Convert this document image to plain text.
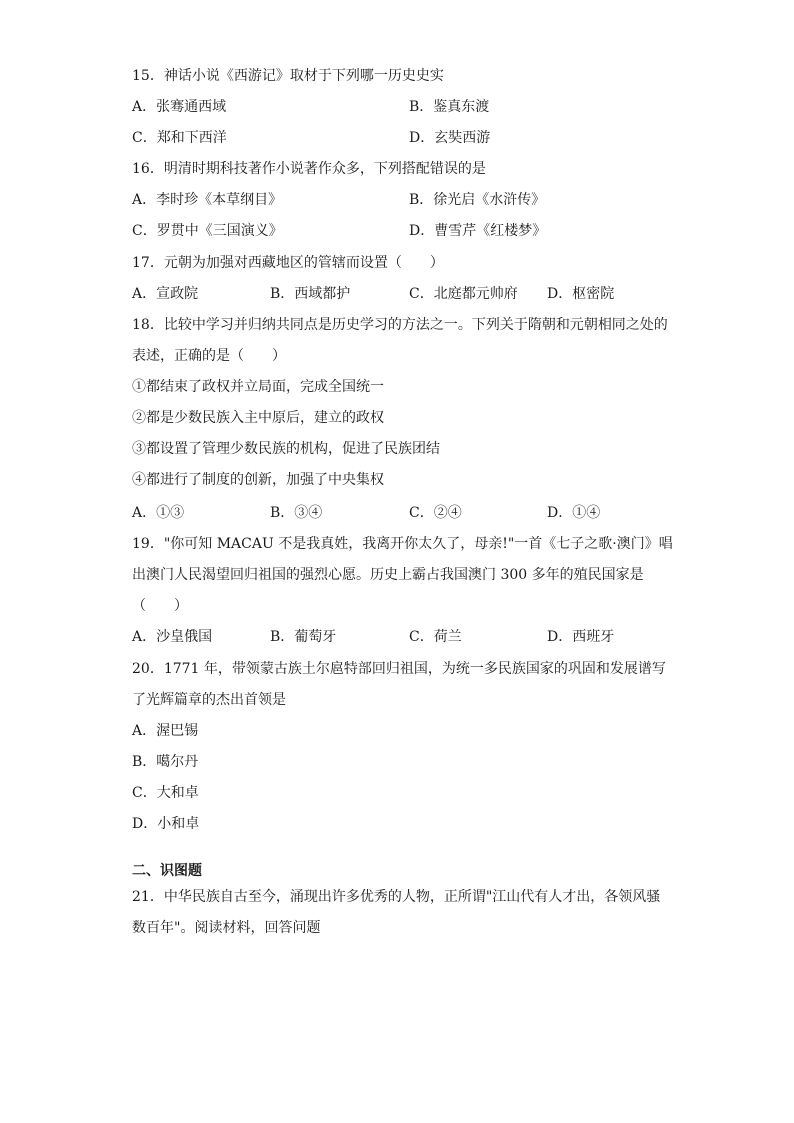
15．神话小说《西游记》取材于下列哪一历史史实
A．张骞通西域	B．鉴真东渡
C．郑和下西洋	D．玄奘西游
16．明清时期科技著作小说著作众多，下列搭配错误的是
A．李时珍《本草纲目》	B．徐光启《水浒传》
C．罗贯中《三国演义》	D．曹雪芹《红楼梦》
17．元朝为加强对西藏地区的管辖而设置（　　）
A．宣政院	B．西域都护	C．北庭都元帅府 D．枢密院
18．比较中学习并归纳共同点是历史学习的方法之一。下列关于隋朝和元朝相同之处的
表述，正确的是（　　）
①都结束了政权并立局面，完成全国统一
②都是少数民族入主中原后，建立的政权
③都设置了管理少数民族的机构，促进了民族团结
④都进行了制度的创新，加强了中央集权
A．①③	B．③④	C．②④	D．①④
19．"你可知 MACAU 不是我真姓，我离开你太久了，母亲!"一首《七子之歌·澳门》唱
出澳门人民渴望回归祖国的强烈心愿。历史上霸占我国澳门 300 多年的殖民国家是
（　　）
A．沙皇俄国	B．葡萄牙	C．荷兰	D．西班牙
20．1771 年，带领蒙古族土尔扈特部回归祖国，为统一多民族国家的巩固和发展谱写
了光辉篇章的杰出首领是
A．渥巴锡
B．噶尔丹
C．大和卓
D．小和卓
二、识图题
21．中华民族自古至今，涌现出许多优秀的人物，正所谓"江山代有人才出，各领风骚
数百年"。阅读材料，回答问题
